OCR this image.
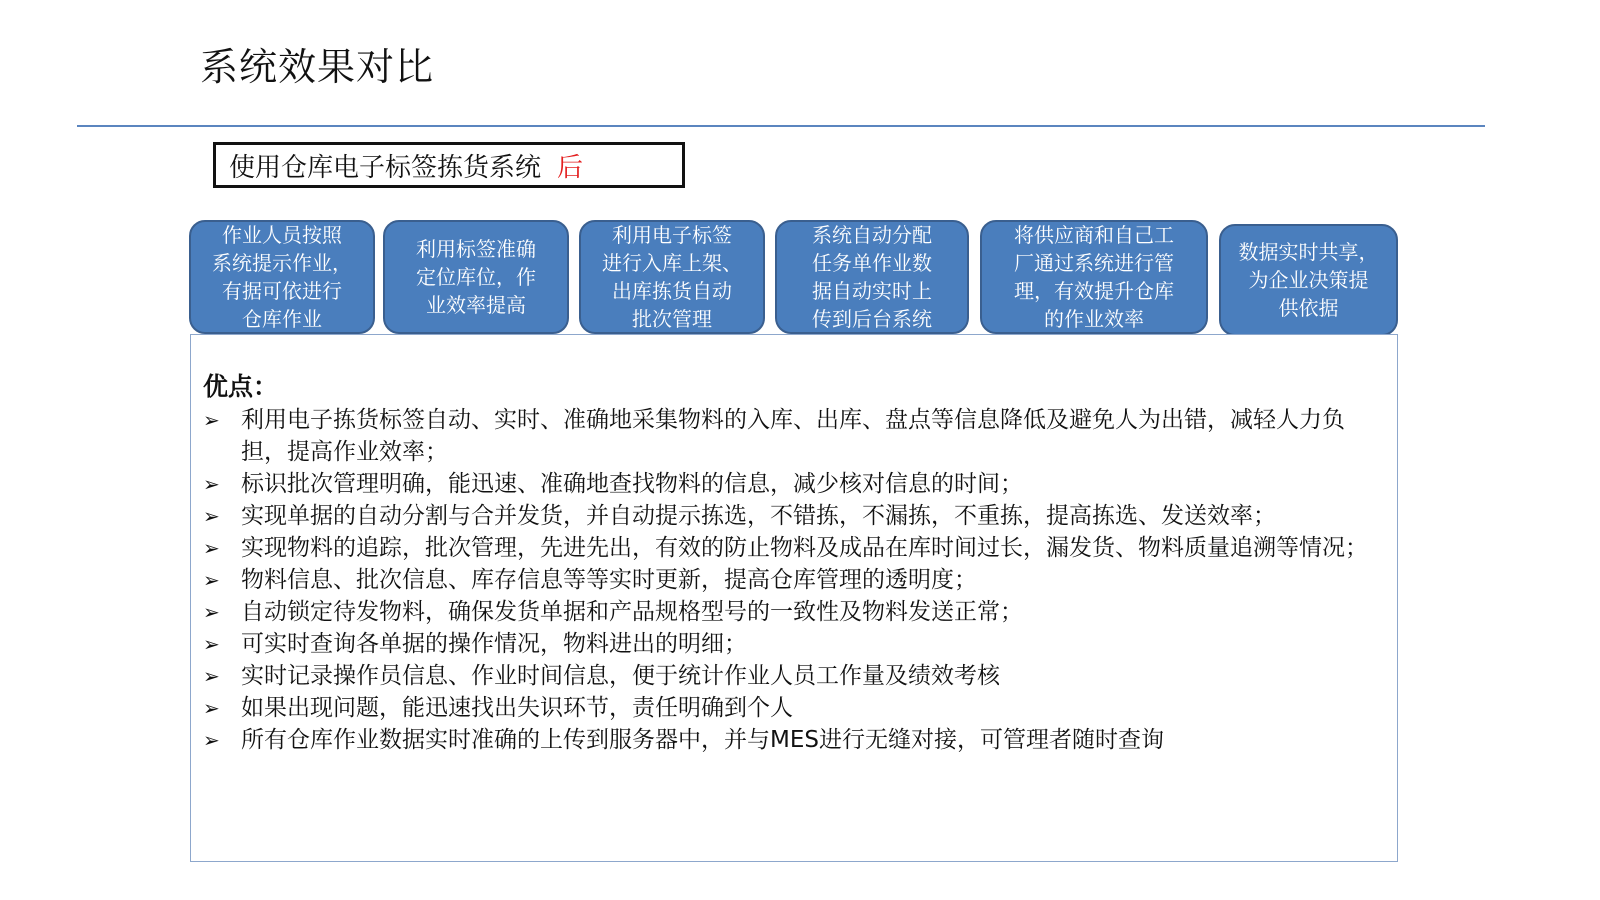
系统效果对比
使用仓库电子标签拣货系统 后
作业人员按照
系统提示作业，
有据可依进行
仓库作业
利用标签准确
定位库位，作
业效率提高
利用电子标签
进行入库上架、
出库拣货自动
批次管理
系统自动分配
任务单作业数
据自动实时上
传到后台系统
将供应商和自己工
厂通过系统进行管
理，有效提升仓库
的作业效率
数据实时共享，
为企业决策提
供依据
优点：
➢ 利用电子拣货标签自动、实时、准确地采集物料的入库、出库、盘点等信息降低及避免人为出错，减轻人力负担，提高作业效率；
➢ 标识批次管理明确，能迅速、准确地查找物料的信息，减少核对信息的时间；
➢ 实现单据的自动分割与合并发货，并自动提示拣选，不错拣，不漏拣，不重拣，提高拣选、发送效率；
➢ 实现物料的追踪，批次管理，先进先出，有效的防止物料及成品在库时间过长，漏发货、物料质量追溯等情况；
➢ 物料信息、批次信息、库存信息等等实时更新，提高仓库管理的透明度；
➢ 自动锁定待发物料，确保发货单据和产品规格型号的一致性及物料发送正常；
➢ 可实时查询各单据的操作情况，物料进出的明细；
➢ 实时记录操作员信息、作业时间信息，便于统计作业人员工作量及绩效考核
➢ 如果出现问题，能迅速找出失识环节，责任明确到个人
➢ 所有仓库作业数据实时准确的上传到服务器中，并与MES进行无缝对接，可管理者随时查询
